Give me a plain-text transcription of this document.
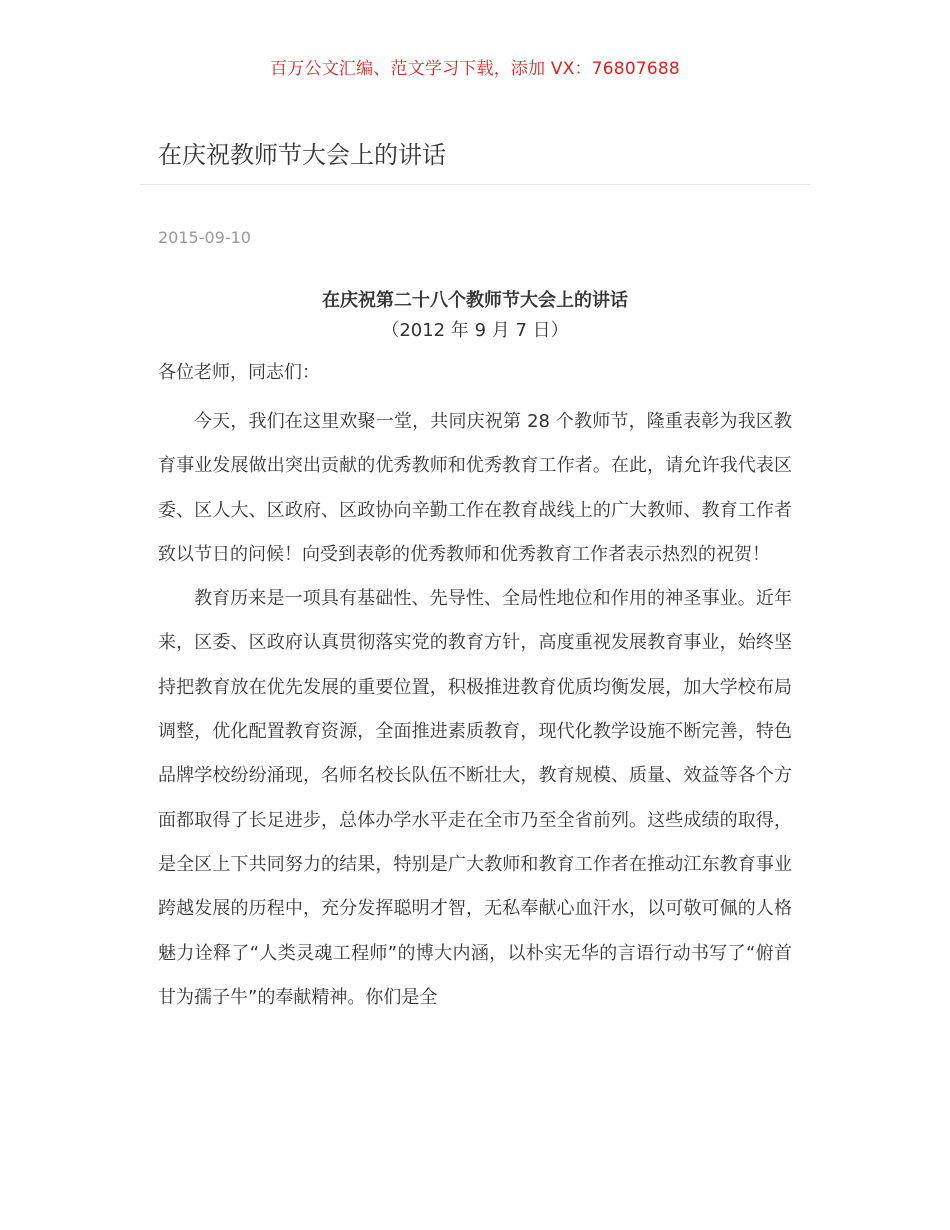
百万公文汇编、范文学习下载，添加 VX：76807688
在庆祝教师节大会上的讲话
2015-09-10

在庆祝第二十八个教师节大会上的讲话

（2012 年 9 月 7 日）

各位老师，同志们：

今天，我们在这里欢聚一堂，共同庆祝第 28 个教师节，隆重表彰为我区教育事业发展做出突出贡献的优秀教师和优秀教育工作者。在此，请允许我代表区委、区人大、区政府、区政协向辛勤工作在教育战线上的广大教师、教育工作者致以节日的问候！向受到表彰的优秀教师和优秀教育工作者表示热烈的祝贺！

教育历来是一项具有基础性、先导性、全局性地位和作用的神圣事业。近年来，区委、区政府认真贯彻落实党的教育方针，高度重视发展教育事业，始终坚持把教育放在优先发展的重要位置，积极推进教育优质均衡发展，加大学校布局调整，优化配置教育资源，全面推进素质教育，现代化教学设施不断完善，特色品牌学校纷纷涌现，名师名校长队伍不断壮大，教育规模、质量、效益等各个方面都取得了长足进步，总体办学水平走在全市乃至全省前列。这些成绩的取得，是全区上下共同努力的结果，特别是广大教师和教育工作者在推动江东教育事业跨越发展的历程中，充分发挥聪明才智，无私奉献心血汗水，以可敬可佩的人格魅力诠释了“人类灵魂工程师”的博大内涵，以朴实无华的言语行动书写了“俯首甘为孺子牛”的奉献精神。你们是全
